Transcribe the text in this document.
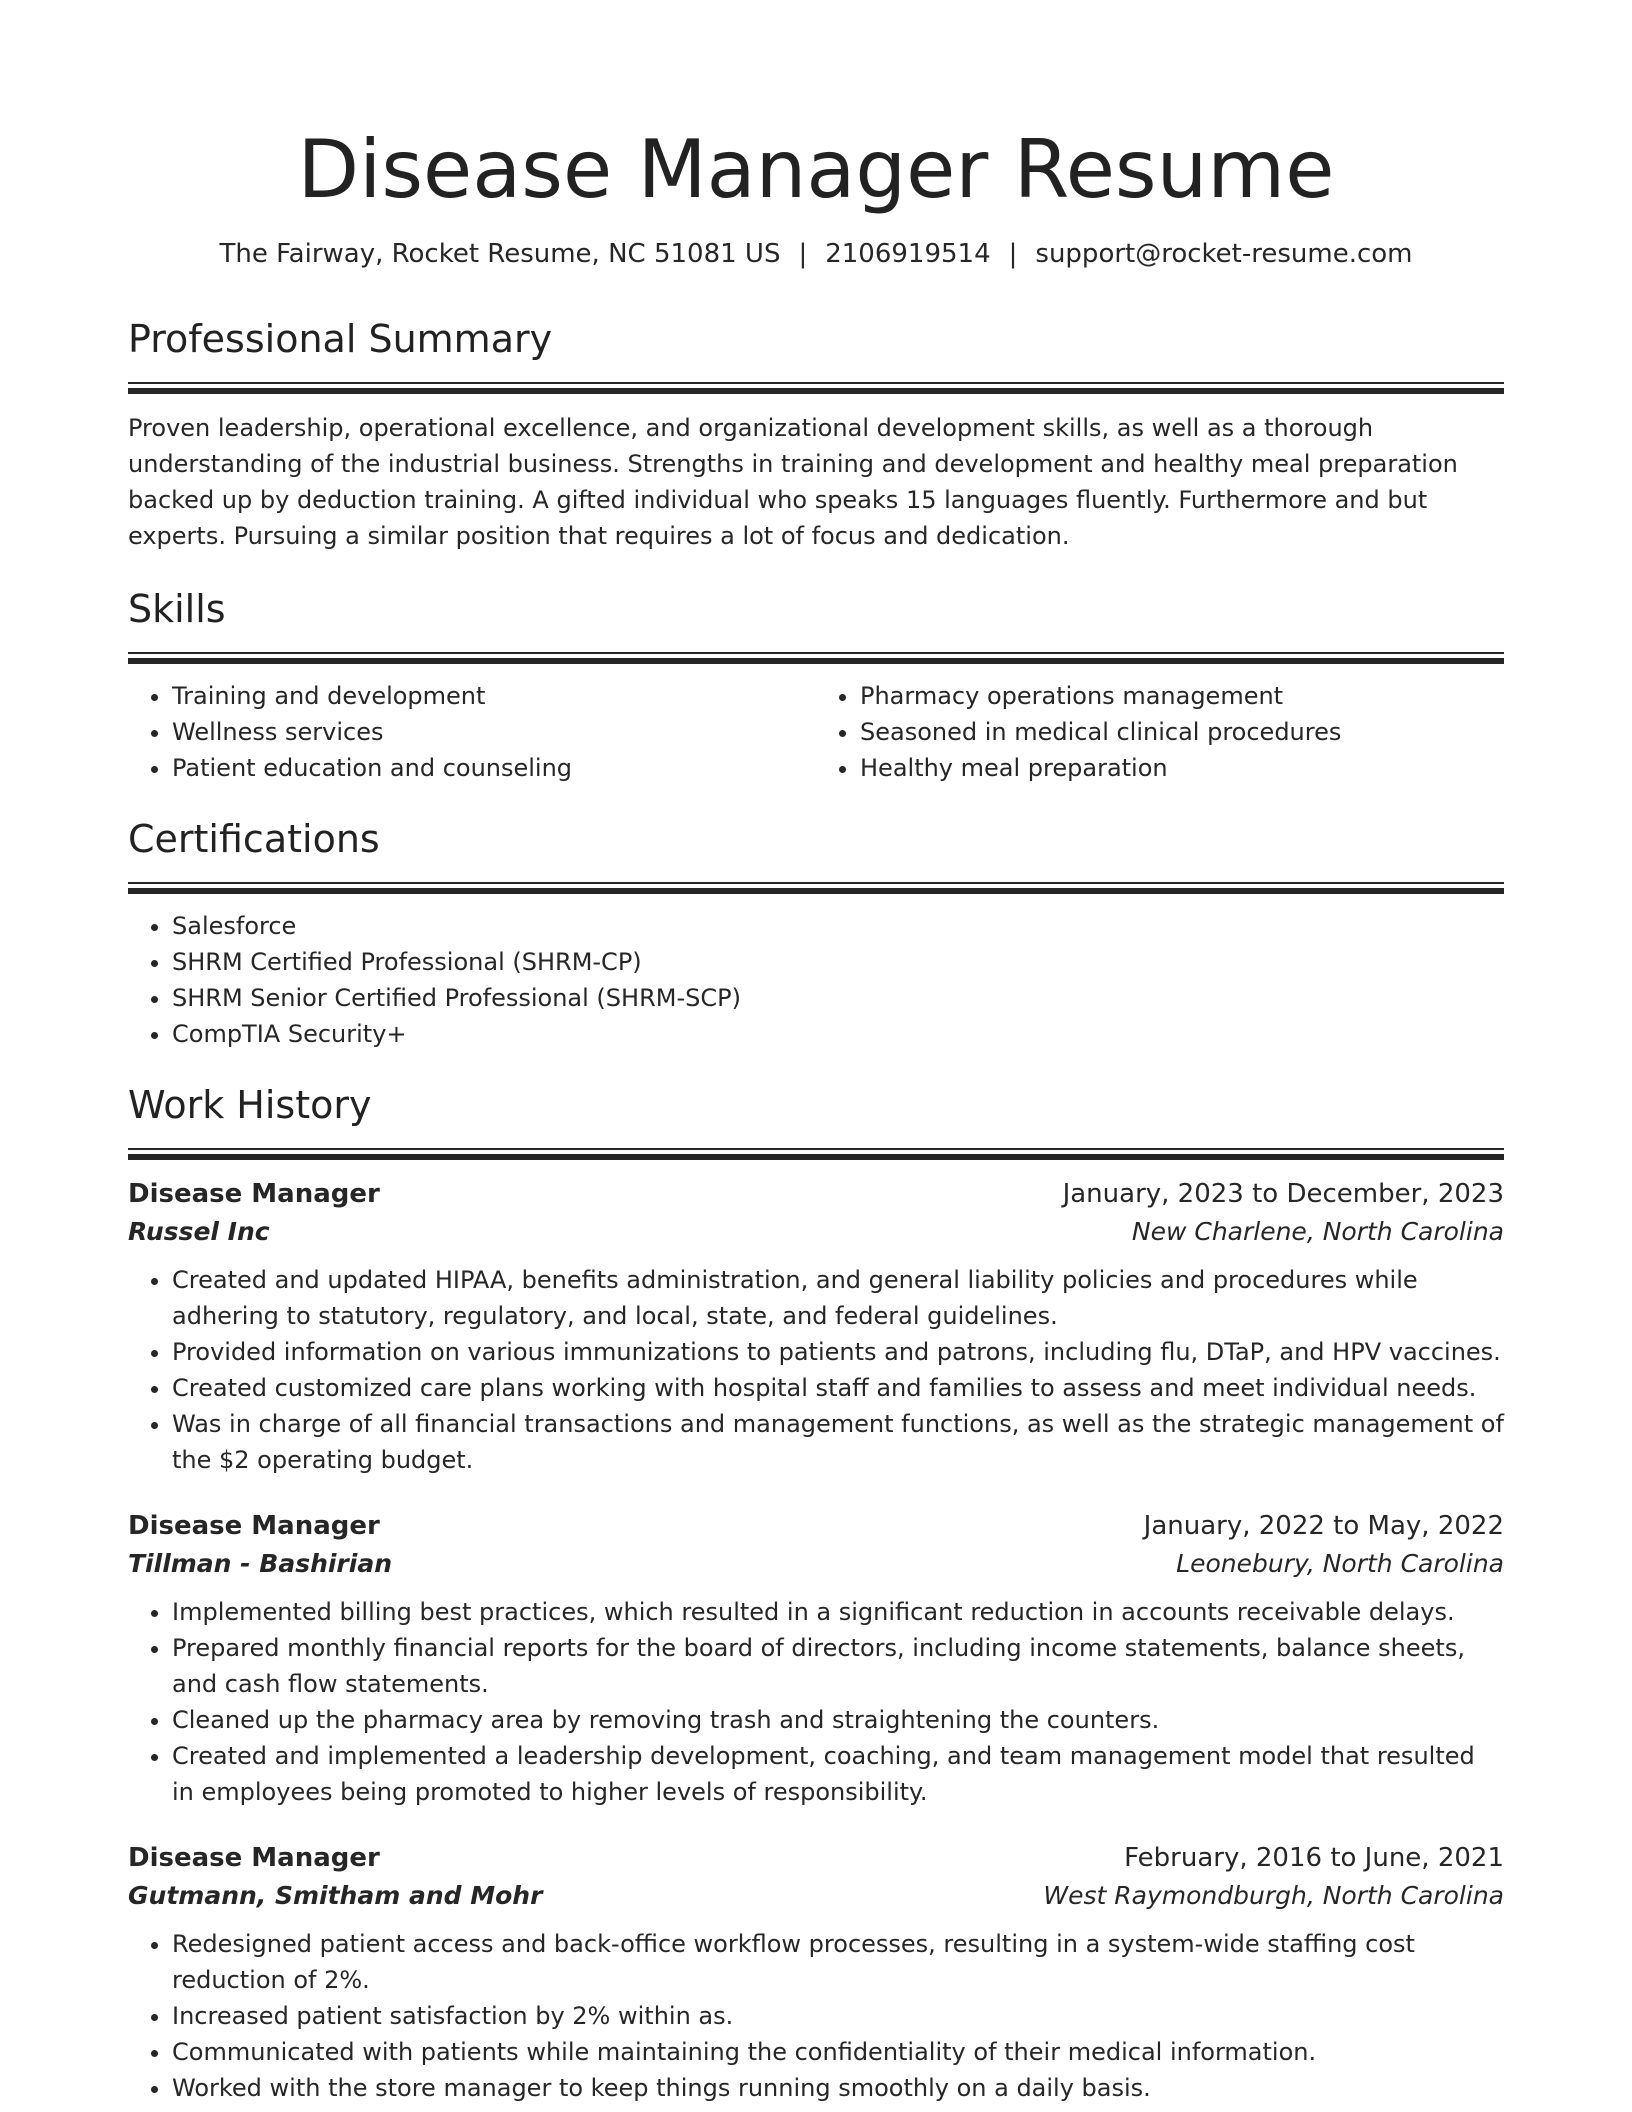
Disease Manager Resume
The Fairway, Rocket Resume, NC 51081 US | 2106919514 | support@rocket-resume.com
Professional Summary

Proven leadership, operational excellence, and organizational development skills, as well as a thorough understanding of the industrial business. Strengths in training and development and healthy meal preparation backed up by deduction training. A gifted individual who speaks 15 languages fluently. Furthermore and but experts. Pursuing a similar position that requires a lot of focus and dedication.

Skills
• Training and development
• Wellness services
• Patient education and counseling
• Pharmacy operations management
• Seasoned in medical clinical procedures
• Healthy meal preparation
Certifications
• Salesforce
• SHRM Certified Professional (SHRM-CP)
• SHRM Senior Certified Professional (SHRM-SCP)
• CompTIA Security+
Work History
Disease Manager	January, 2023 to December, 2023
Russel Inc	New Charlene, North Carolina
• Created and updated HIPAA, benefits administration, and general liability policies and procedures while adhering to statutory, regulatory, and local, state, and federal guidelines.
• Provided information on various immunizations to patients and patrons, including flu, DTaP, and HPV vaccines.
• Created customized care plans working with hospital staff and families to assess and meet individual needs.
• Was in charge of all financial transactions and management functions, as well as the strategic management of the $2 operating budget.
Disease Manager	January, 2022 to May, 2022
Tillman - Bashirian	Leonebury, North Carolina
• Implemented billing best practices, which resulted in a significant reduction in accounts receivable delays.
• Prepared monthly financial reports for the board of directors, including income statements, balance sheets, and cash flow statements.
• Cleaned up the pharmacy area by removing trash and straightening the counters.
• Created and implemented a leadership development, coaching, and team management model that resulted in employees being promoted to higher levels of responsibility.
Disease Manager	February, 2016 to June, 2021
Gutmann, Smitham and Mohr	West Raymondburgh, North Carolina
• Redesigned patient access and back-office workflow processes, resulting in a system-wide staffing cost reduction of 2%.
• Increased patient satisfaction by 2% within as.
• Communicated with patients while maintaining the confidentiality of their medical information.
• Worked with the store manager to keep things running smoothly on a daily basis.
